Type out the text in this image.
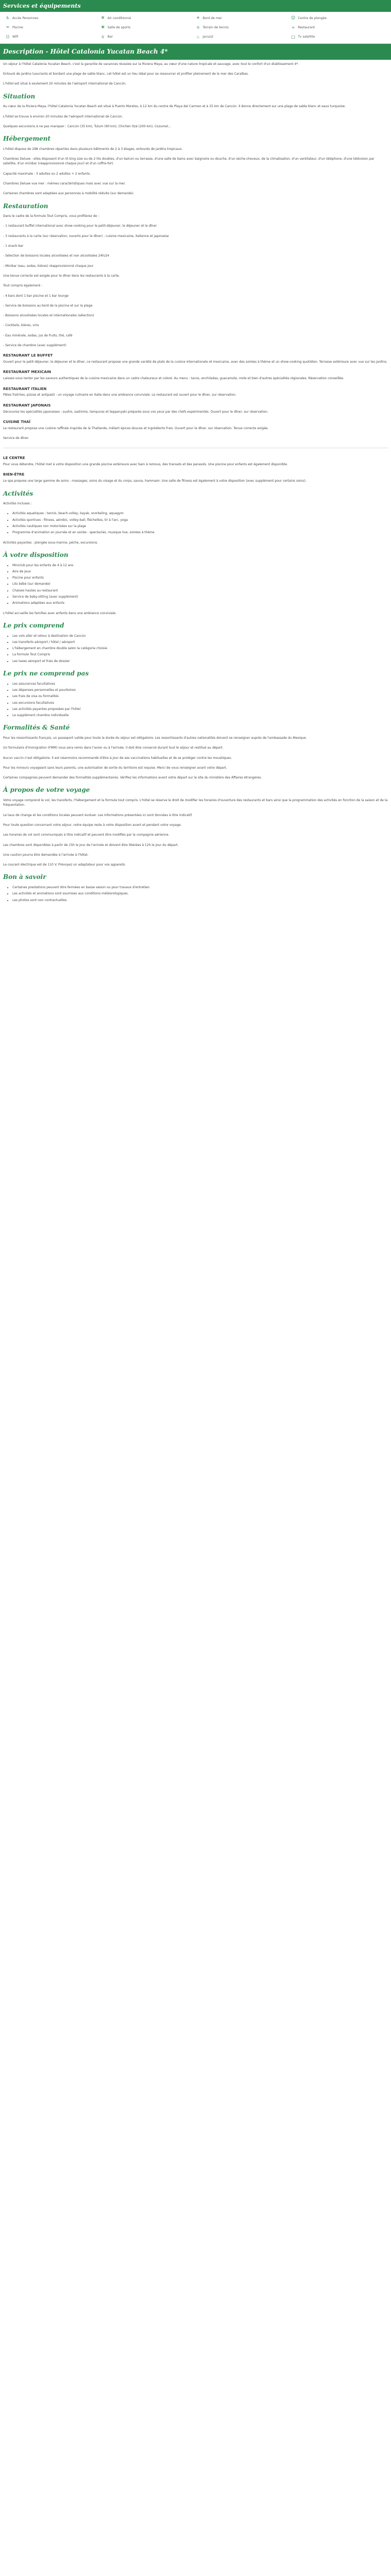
Services et équipements
♿ Accès Personnes	❄ Air conditionné	☀ Bord de mer	☺ Centre de plongée
≈ Piscine	❀ Salle de sports	⌂	Terrain de tennis	☕ Restaurant
☷ Wifi	♕ Bar	♨ Jacuzzi	□ Tv satellite
Description - Hôtel Catalonia Yucatan Beach 4*

Un séjour à l'hôtel Catalonia Yucatan Beach, c'est la garantie de vacances réussies sur la Riviera Maya, au cœur d'une nature tropicale et sauvage, avec tout le confort d'un établissement 4*.

Entouré de jardins luxuriants et bordant une plage de sable blanc, cet hôtel est un lieu idéal pour se ressourcer et profiter pleinement de la mer des Caraïbes.

L'hôtel est situé à seulement 20 minutes de l'aéroport international de Cancún.

Situation

Au cœur de la Riviera Maya, l'hôtel Catalonia Yucatan Beach est situé à Puerto Morelos, à 12 km du centre de Playa del Carmen et à 35 km de Cancún. Il donne directement sur une plage de sable blanc et eaux turquoise.

L'hôtel se trouve à environ 20 minutes de l'aéroport international de Cancún.

Quelques excursions à ne pas manquer : Cancún (35 km), Tulum (90 km), Chichén Itzá (200 km), Cozumel...

Hébergement

L'hôtel dispose de 298 chambres réparties dans plusieurs bâtiments de 2 à 3 étages, entourés de jardins tropicaux.

Chambres Deluxe : elles disposent d'un lit king size ou de 2 lits doubles, d'un balcon ou terrasse, d'une salle de bains avec baignoire ou douche, d'un sèche-cheveux, de la climatisation, d'un ventilateur, d'un téléphone, d'une télévision par satellite, d'un minibar (réapprovisionné chaque jour) et d'un coffre-fort.

Capacité maximale : 3 adultes ou 2 adultes + 2 enfants.

Chambres Deluxe vue mer : mêmes caractéristiques mais avec vue sur la mer.

Certaines chambres sont adaptées aux personnes à mobilité réduite (sur demande).

Restauration

Dans le cadre de la formule Tout Compris, vous profiterez de :

- 1 restaurant buffet international avec show-cooking pour le petit-déjeuner, le déjeuner et le dîner

- 3 restaurants à la carte (sur réservation, ouverts pour le dîner) : cuisine mexicaine, italienne et japonaise

- 1 snack-bar

- Sélection de boissons locales alcoolisées et non alcoolisées 24h/24

- Minibar (eau, sodas, bières) réapprovisionné chaque jour

Une tenue correcte est exigée pour le dîner dans les restaurants à la carte.

Tout compris également :

- 4 bars dont 1 bar piscine et 1 bar lounge

- Service de boissons au bord de la piscine et sur la plage

- Boissons alcoolisées locales et internationales (sélection)

- Cocktails, bières, vins

- Eau minérale, sodas, jus de fruits, thé, café

- Service de chambre (avec supplément)

RESTAURANT LE BUFFET

Ouvert pour le petit-déjeuner, le déjeuner et le dîner, ce restaurant propose une grande variété de plats de la cuisine internationale et mexicaine, avec des soirées à thème et un show-cooking quotidien. Terrasse extérieure avec vue sur les jardins.

RESTAURANT MEXICAIN

Laissez-vous tenter par les saveurs authentiques de la cuisine mexicaine dans un cadre chaleureux et coloré. Au menu : tacos, enchiladas, guacamole, mole et bien d'autres spécialités régionales. Réservation conseillée.

RESTAURANT ITALIEN

Pâtes fraîches, pizzas et antipasti : un voyage culinaire en Italie dans une ambiance conviviale. Le restaurant est ouvert pour le dîner, sur réservation.

RESTAURANT JAPONAIS

Découvrez les spécialités japonaises : sushis, sashimis, tempuras et teppanyaki préparés sous vos yeux par des chefs expérimentés. Ouvert pour le dîner, sur réservation.

CUISINE THAÏ

Le restaurant propose une cuisine raffinée inspirée de la Thaïlande, mêlant épices douces et ingrédients frais. Ouvert pour le dîner, sur réservation. Tenue correcte exigée.

Service de dîner.

LE CENTRE

Pour vous détendre, l'hôtel met à votre disposition une grande piscine extérieure avec bain à remous, des transats et des parasols. Une piscine pour enfants est également disponible.

BIEN-ÊTRE

Le spa propose une large gamme de soins : massages, soins du visage et du corps, sauna, hammam. Une salle de fitness est également à votre disposition (avec supplément pour certains soins).

Activités

Activités incluses :

• Activités aquatiques : tennis, beach-volley, kayak, snorkeling, aquagym
• Activités sportives : fitness, aérobic, volley-ball, fléchettes, tir à l'arc, yoga
• Activités nautiques non motorisées sur la plage
• Programme d'animation en journée et en soirée : spectacles, musique live, soirées à thème

Activités payantes : plongée sous-marine, pêche, excursions.

À votre disposition
• Miniclub pour les enfants de 4 à 12 ans
• Aire de jeux
• Piscine pour enfants
• Lits bébé (sur demande)
• Chaises hautes au restaurant
• Service de baby-sitting (avec supplément)
• Animations adaptées aux enfants

L'hôtel accueille les familles avec enfants dans une ambiance conviviale.

Le prix comprend
• Les vols aller et retour à destination de Cancún
• Les transferts aéroport / hôtel / aéroport
• L'hébergement en chambre double selon la catégorie choisie
• La formule Tout Compris
• Les taxes aéroport et frais de dossier
Le prix ne comprend pas
• Les assurances facultatives
• Les dépenses personnelles et pourboires
• Les frais de visa ou formalités
• Les excursions facultatives
• Les activités payantes proposées par l'hôtel
• Le supplément chambre individuelle
Formalités & Santé

Pour les ressortissants français, un passeport valide pour toute la durée du séjour est obligatoire. Les ressortissants d'autres nationalités doivent se renseigner auprès de l'ambassade du Mexique.

Un formulaire d'immigration (FMM) vous sera remis dans l'avion ou à l'arrivée. Il doit être conservé durant tout le séjour et restitué au départ.

Aucun vaccin n'est obligatoire. Il est néanmoins recommandé d'être à jour de ses vaccinations habituelles et de se protéger contre les moustiques.

Pour les mineurs voyageant sans leurs parents, une autorisation de sortie du territoire est requise. Merci de vous renseigner avant votre départ.

Certaines compagnies peuvent demander des formalités supplémentaires. Vérifiez les informations avant votre départ sur le site du ministère des Affaires étrangères.

À propos de votre voyage

Votre voyage comprend le vol, les transferts, l'hébergement et la formule tout compris. L'hôtel se réserve le droit de modifier les horaires d'ouverture des restaurants et bars ainsi que la programmation des activités en fonction de la saison et de la fréquentation.

Le taux de change et les conditions locales peuvent évoluer. Les informations présentées ici sont données à titre indicatif.

Pour toute question concernant votre séjour, notre équipe reste à votre disposition avant et pendant votre voyage.

Les horaires de vol sont communiqués à titre indicatif et peuvent être modifiés par la compagnie aérienne.

Les chambres sont disponibles à partir de 15h le jour de l'arrivée et doivent être libérées à 12h le jour du départ.

Une caution pourra être demandée à l'arrivée à l'hôtel.

Le courant électrique est de 110 V. Prévoyez un adaptateur pour vos appareils.

Bon à savoir
• Certaines prestations peuvent être fermées en basse saison ou pour travaux d'entretien.
• Les activités et animations sont soumises aux conditions météorologiques.
• Les photos sont non contractuelles.
